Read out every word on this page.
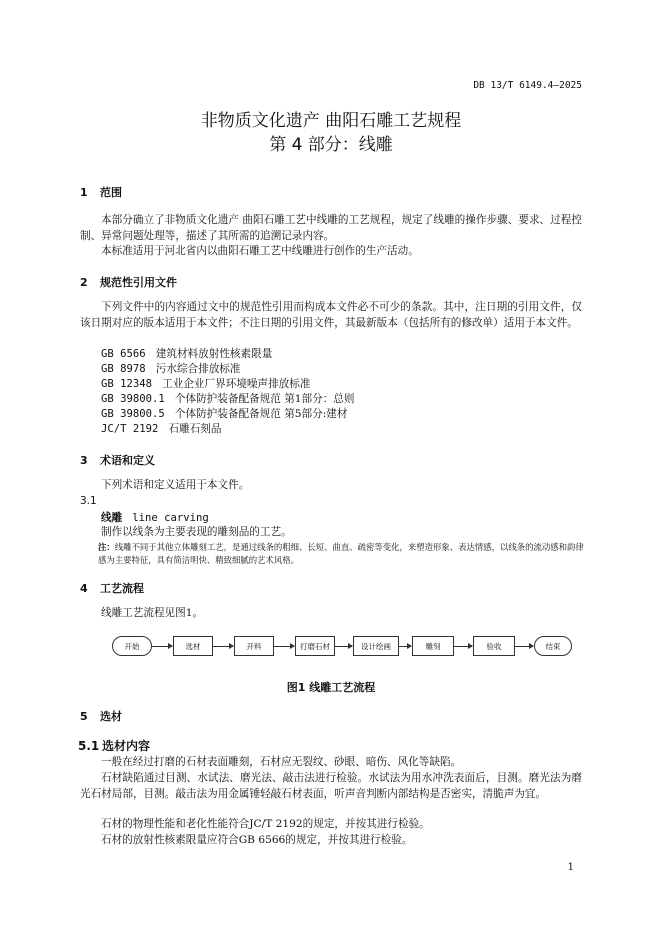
DB 13/T 6149.4—2025
非物质文化遗产 曲阳石雕工艺规程
第 4 部分：线雕
1 范围
本部分确立了非物质文化遗产 曲阳石雕工艺中线雕的工艺规程，规定了线雕的操作步骤、要求、过程控制、异常问题处理等，描述了其所需的追溯记录内容。
本标准适用于河北省内以曲阳石雕工艺中线雕进行创作的生产活动。
2 规范性引用文件
下列文件中的内容通过文中的规范性引用而构成本文件必不可少的条款。其中，注日期的引用文件，仅该日期对应的版本适用于本文件；不注日期的引用文件，其最新版本（包括所有的修改单）适用于本文件。
GB 6566 建筑材料放射性核素限量
GB 8978 污水综合排放标准
GB 12348 工业企业厂界环境噪声排放标准
GB 39800.1 个体防护装备配备规范 第1部分：总则
GB 39800.5 个体防护装备配备规范 第5部分:建材
JC/T 2192 石雕石刻品
3 术语和定义
下列术语和定义适用于本文件。
3.1
线雕 line carving
制作以线条为主要表现的雕刻品的工艺。
注：线雕不同于其他立体雕刻工艺，是通过线条的粗细、长短、曲直、疏密等变化，来塑造形象、表达情感，以线条的流动感和韵律感为主要特征，具有简洁明快、精致细腻的艺术风格。
4 工艺流程
线雕工艺流程见图1。
开始	选材	开料	打磨石材	设计绘画	雕刻	验收	结束
图1 线雕工艺流程
5 选材
5.1 选材内容
一般在经过打磨的石材表面雕刻，石材应无裂纹、砂眼、暗伤、风化等缺陷。
石材缺陷通过目测、水试法、磨光法、敲击法进行检验。水试法为用水冲洗表面后，目测。磨光法为磨光石材局部，目测。敲击法为用金属锤轻敲石材表面，听声音判断内部结构是否密实，清脆声为宜。
石材的物理性能和老化性能符合JC/T 2192的规定，并按其进行检验。
石材的放射性核素限量应符合GB 6566的规定，并按其进行检验。
1
